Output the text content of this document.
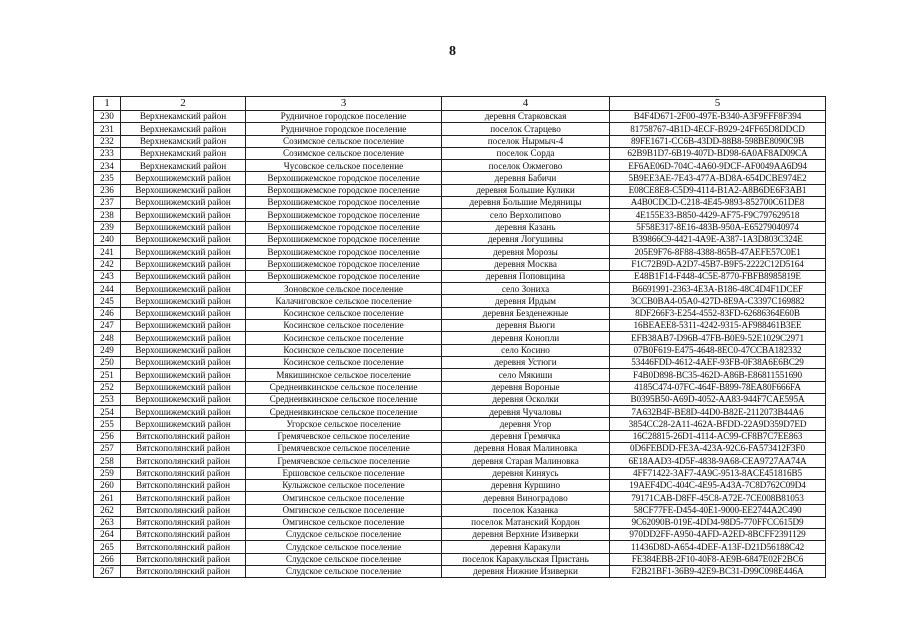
8
1	2	3	4	5
230	Верхнекамский район	Рудничное городское поселение	деревня Старковская	B4F4D671-2F00-497E-B340-A3F9FFF8F394
231	Верхнекамский район	Рудничное городское поселение	поселок Старцево	81758767-4B1D-4ECF-B929-24FF65D8DDCD
232	Верхнекамский район	Созимское сельское поселение	поселок Нырмыч-4	89FE1671-CC6B-43DD-88B8-598BE8090C9B
233	Верхнекамский район	Созимское сельское поселение	поселок Сорда	62B9B1D7-6B19-407D-BD98-6A0AF8AD09CA
234	Верхнекамский район	Чусовское сельское поселение	поселок Ожмегово	EF6AE06D-704C-4A60-9DCF-AF0049AA6D94
235	Верхошижемский район	Верхошижемское городское поселение	деревня Бабичи	5B9EE3AE-7E43-477A-BD8A-654DCBE974E2
236	Верхошижемский район	Верхошижемское городское поселение	деревня Большие Кулики	E08CE8E8-C5D9-4114-B1A2-A8B6DE6F3AB1
237	Верхошижемский район	Верхошижемское городское поселение	деревня Большие Медяницы	A4B0CDCD-C218-4E45-9893-852700C61DE8
238	Верхошижемский район	Верхошижемское городское поселение	село Верхолипово	4E155E33-B850-4429-AF75-F9C797629518
239	Верхошижемский район	Верхошижемское городское поселение	деревня Казань	5F58E317-8E16-483B-950A-E65279040974
240	Верхошижемский район	Верхошижемское городское поселение	деревня Логушины	B39866C9-4421-4A9E-A387-1A3D803C324E
241	Верхошижемский район	Верхошижемское городское поселение	деревня Морозы	205E9F76-8F88-4388-865B-47AEFE57C0E1
242	Верхошижемский район	Верхошижемское городское поселение	деревня Москва	F1C72B9D-A2D7-45B7-B9F5-2222C12D5164
243	Верхошижемский район	Верхошижемское городское поселение	деревня Поповщина	E48B1F14-F448-4C5E-8770-FBFB8985819E
244	Верхошижемский район	Зоновское сельское поселение	село Зониха	B6691991-2363-4E3A-B186-48C4D4F1DCEF
245	Верхошижемский район	Калачиговское сельское поселение	деревня Ирдым	3CCB0BA4-05A0-427D-8E9A-C3397C169882
246	Верхошижемский район	Косинское сельское поселение	деревня Безденежные	8DF266F3-E254-4552-83FD-62686364E60B
247	Верхошижемский район	Косинское сельское поселение	деревня Вьюги	16BEAEE8-5311-4242-9315-AF988461B3EE
248	Верхошижемский район	Косинское сельское поселение	деревня Конопли	EFB38AB7-D96B-47FB-B0E9-52E1029C2971
249	Верхошижемский район	Косинское сельское поселение	село Косино	07B0F619-E475-4648-8EC0-47CCBA182332
250	Верхошижемский район	Косинское сельское поселение	деревня Устюги	53446FDD-4612-4AEF-93FB-0F38A6E6BC29
251	Верхошижемский район	Мякишинское сельское поселение	село Мякиши	F4B0D898-BC35-462D-A86B-E86811551690
252	Верхошижемский район	Среднеивкинское сельское поселение	деревня Вороные	4185C474-07FC-464F-B899-78EA80F666FA
253	Верхошижемский район	Среднеивкинское сельское поселение	деревня Осколки	B0395B50-A69D-4052-AA83-944F7CAE595A
254	Верхошижемский район	Среднеивкинское сельское поселение	деревня Чучаловы	7A632B4F-BE8D-44D0-B82E-2112073B44A6
255	Верхошижемский район	Угорское сельское поселение	деревня Угор	3854CC28-2A11-462A-BFDD-22A9D359D7ED
256	Вятскополянский район	Гремячевское сельское поселение	деревня Гремячка	16C28815-26D1-4114-AC99-CF8B7C7EE863
257	Вятскополянский район	Гремячевское сельское поселение	деревня Новая Малиновка	0D6FEBDD-FE3A-423A-92C6-FA573412F3F0
258	Вятскополянский район	Гремячевское сельское поселение	деревня Старая Малиновка	6E18AAD3-4D5F-4838-9A68-CEA9727AA74A
259	Вятскополянский район	Ершовское сельское поселение	деревня Киняусь	4FF71422-3AF7-4A9C-9513-8ACE451816B5
260	Вятскополянский район	Кулыжское сельское поселение	деревня Куршино	19AEF4DC-404C-4E95-A43A-7C8D762C09D4
261	Вятскополянский район	Омгинское сельское поселение	деревня Виноградово	79171CAB-D8FF-45C8-A72E-7CE008B81053
262	Вятскополянский район	Омгинское сельское поселение	поселок Казанка	58CF77FE-D454-40E1-9000-EE2744A2C490
263	Вятскополянский район	Омгинское сельское поселение	поселок Матанский Кордон	9C62090B-019E-4DD4-98D5-770FFCC615D9
264	Вятскополянский район	Слудское сельское поселение	деревня Верхние Изиверки	970DD2FF-A950-4AFD-A2ED-8BCFF2391129
265	Вятскополянский район	Слудское сельское поселение	деревня Каракули	11436D8D-A654-4DEF-A13F-D21D56188C42
266	Вятскополянский район	Слудское сельское поселение	поселок Каракульская Пристань	FE384EBB-2F10-40F8-AE9B-6847E02F2BC6
267	Вятскополянский район	Слудское сельское поселение	деревня Нижние Изиверки	F2B21BF1-36B9-42E9-BC31-D99C098E446A
